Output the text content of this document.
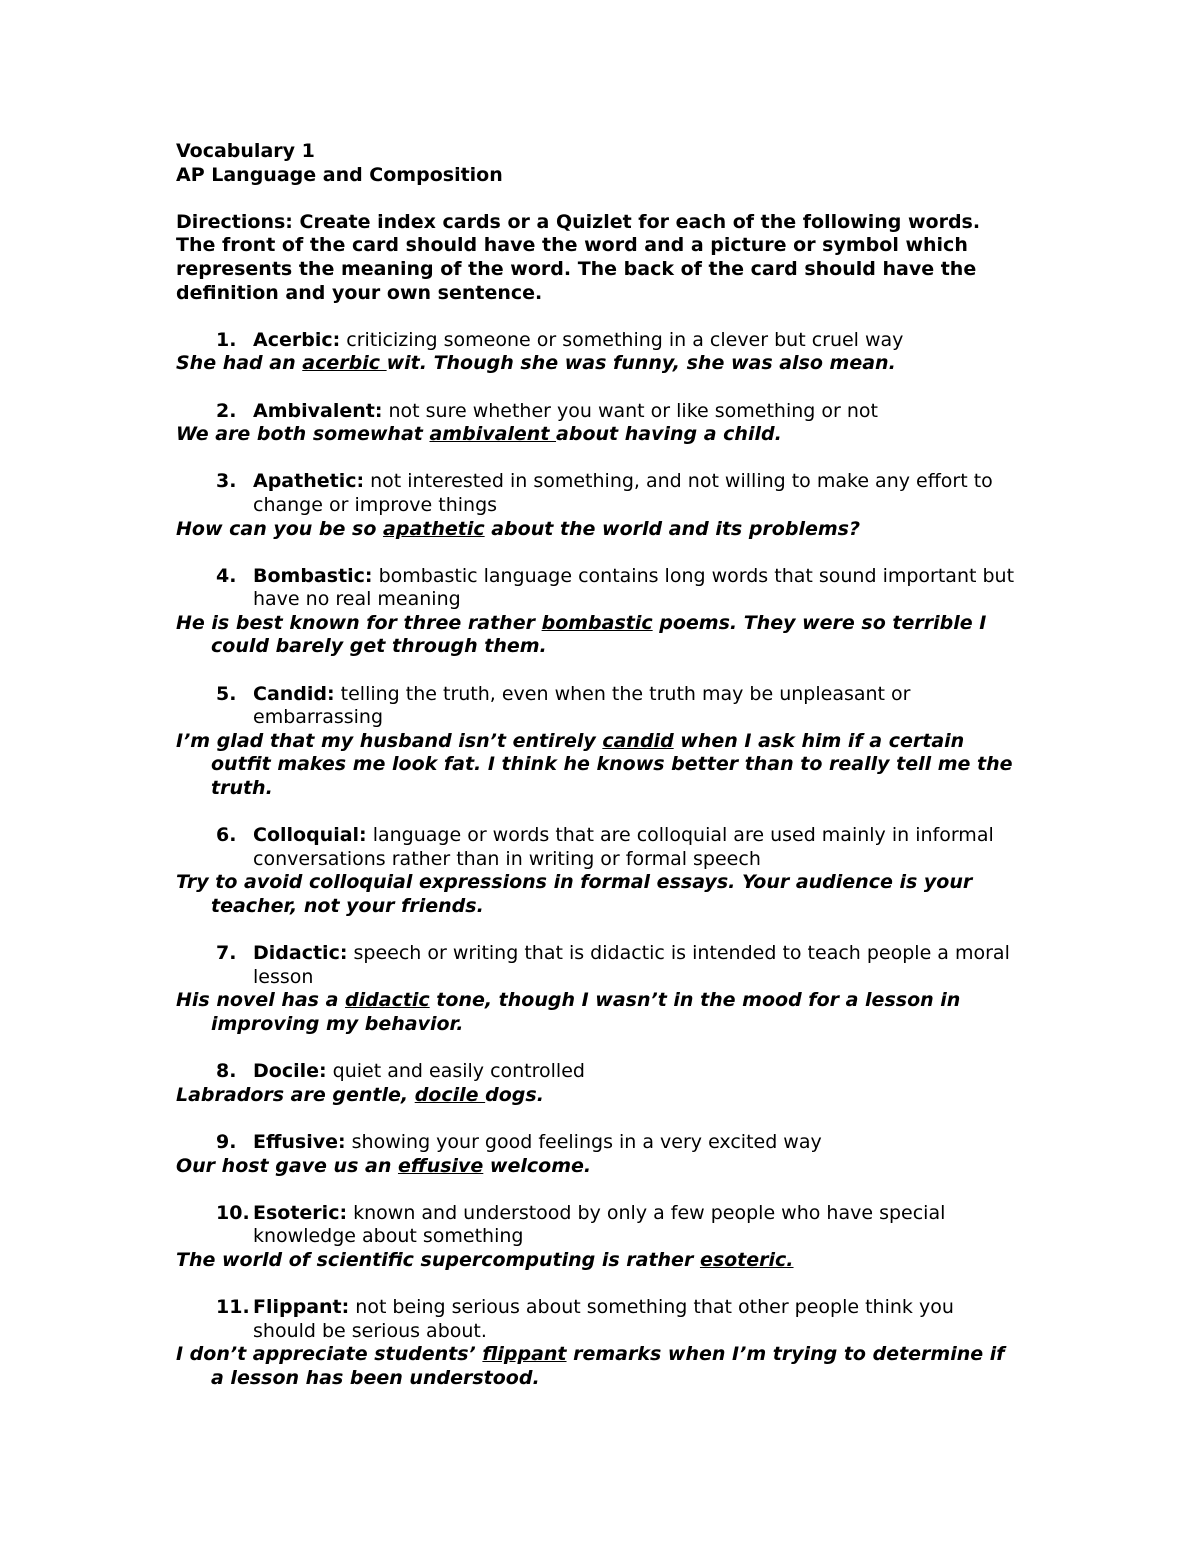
Vocabulary 1
AP Language and Composition
Directions: Create index cards or a Quizlet for each of the following words. The front of the card should have the word and a picture or symbol which represents the meaning of the word. The back of the card should have the definition and your own sentence.
1. Acerbic: criticizing someone or something in a clever but cruel way
She had an acerbic wit. Though she was funny, she was also mean.
2. Ambivalent: not sure whether you want or like something or not
We are both somewhat ambivalent about having a child.
3. Apathetic: not interested in something, and not willing to make any effort to change or improve things
How can you be so apathetic about the world and its problems?
4. Bombastic: bombastic language contains long words that sound important but have no real meaning
He is best known for three rather bombastic poems. They were so terrible I could barely get through them.
5. Candid: telling the truth, even when the truth may be unpleasant or embarrassing
I’m glad that my husband isn’t entirely candid when I ask him if a certain outfit makes me look fat. I think he knows better than to really tell me the truth.
6. Colloquial: language or words that are colloquial are used mainly in informal conversations rather than in writing or formal speech
Try to avoid colloquial expressions in formal essays. Your audience is your teacher, not your friends.
7. Didactic: speech or writing that is didactic is intended to teach people a moral lesson
His novel has a didactic tone, though I wasn’t in the mood for a lesson in improving my behavior.
8. Docile: quiet and easily controlled
Labradors are gentle, docile dogs.
9. Effusive: showing your good feelings in a very excited way
Our host gave us an effusive welcome.
10. Esoteric: known and understood by only a few people who have special knowledge about something
The world of scientific supercomputing is rather esoteric.
11. Flippant: not being serious about something that other people think you should be serious about.
I don’t appreciate students’ flippant remarks when I’m trying to determine if a lesson has been understood.
